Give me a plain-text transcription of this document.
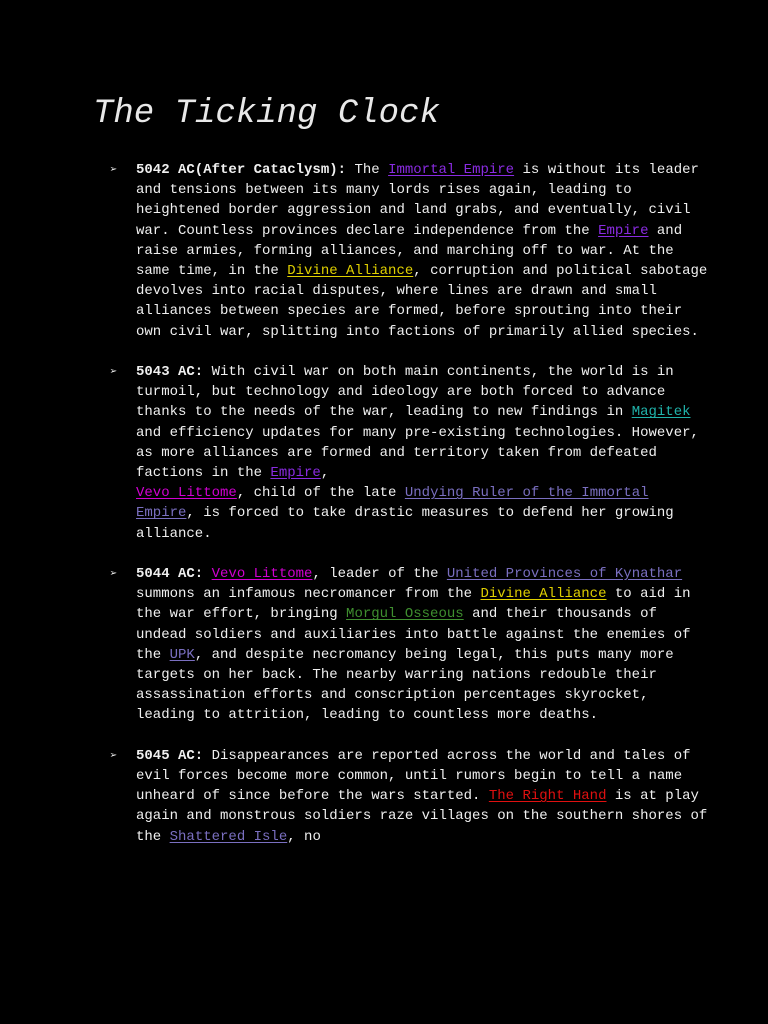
The Ticking Clock
➢ 5042 AC(After Cataclysm): The Immortal Empire is without its leader and tensions between its many lords rises again, leading to heightened border aggression and land grabs, and eventually, civil war. Countless provinces declare independence from the Empire and raise armies, forming alliances, and marching off to war. At the same time, in the Divine Alliance, corruption and political sabotage devolves into racial disputes, where lines are drawn and small alliances between species are formed, before sprouting into their own civil war, splitting into factions of primarily allied species.
➢ 5043 AC: With civil war on both main continents, the world is in turmoil, but technology and ideology are both forced to advance thanks to the needs of the war, leading to new findings in Magitek and efficiency updates for many pre-existing technologies. However, as more alliances are formed and territory taken from defeated factions in the Empire,
Vevo Littome, child of the late Undying Ruler of the Immortal Empire, is forced to take drastic measures to defend her growing alliance.
➢ 5044 AC: Vevo Littome, leader of the United Provinces of Kynathar summons an infamous necromancer from the Divine Alliance to aid in the war effort, bringing Morgul Osseous and their thousands of undead soldiers and auxiliaries into battle against the enemies of the UPK, and despite necromancy being legal, this puts many more targets on her back. The nearby warring nations redouble their assassination efforts and conscription percentages skyrocket, leading to attrition, leading to countless more deaths.
➢ 5045 AC: Disappearances are reported across the world and tales of evil forces become more common, until rumors begin to tell a name unheard of since before the wars started. The Right Hand is at play again and monstrous soldiers raze villages on the southern shores of the Shattered Isle, no
